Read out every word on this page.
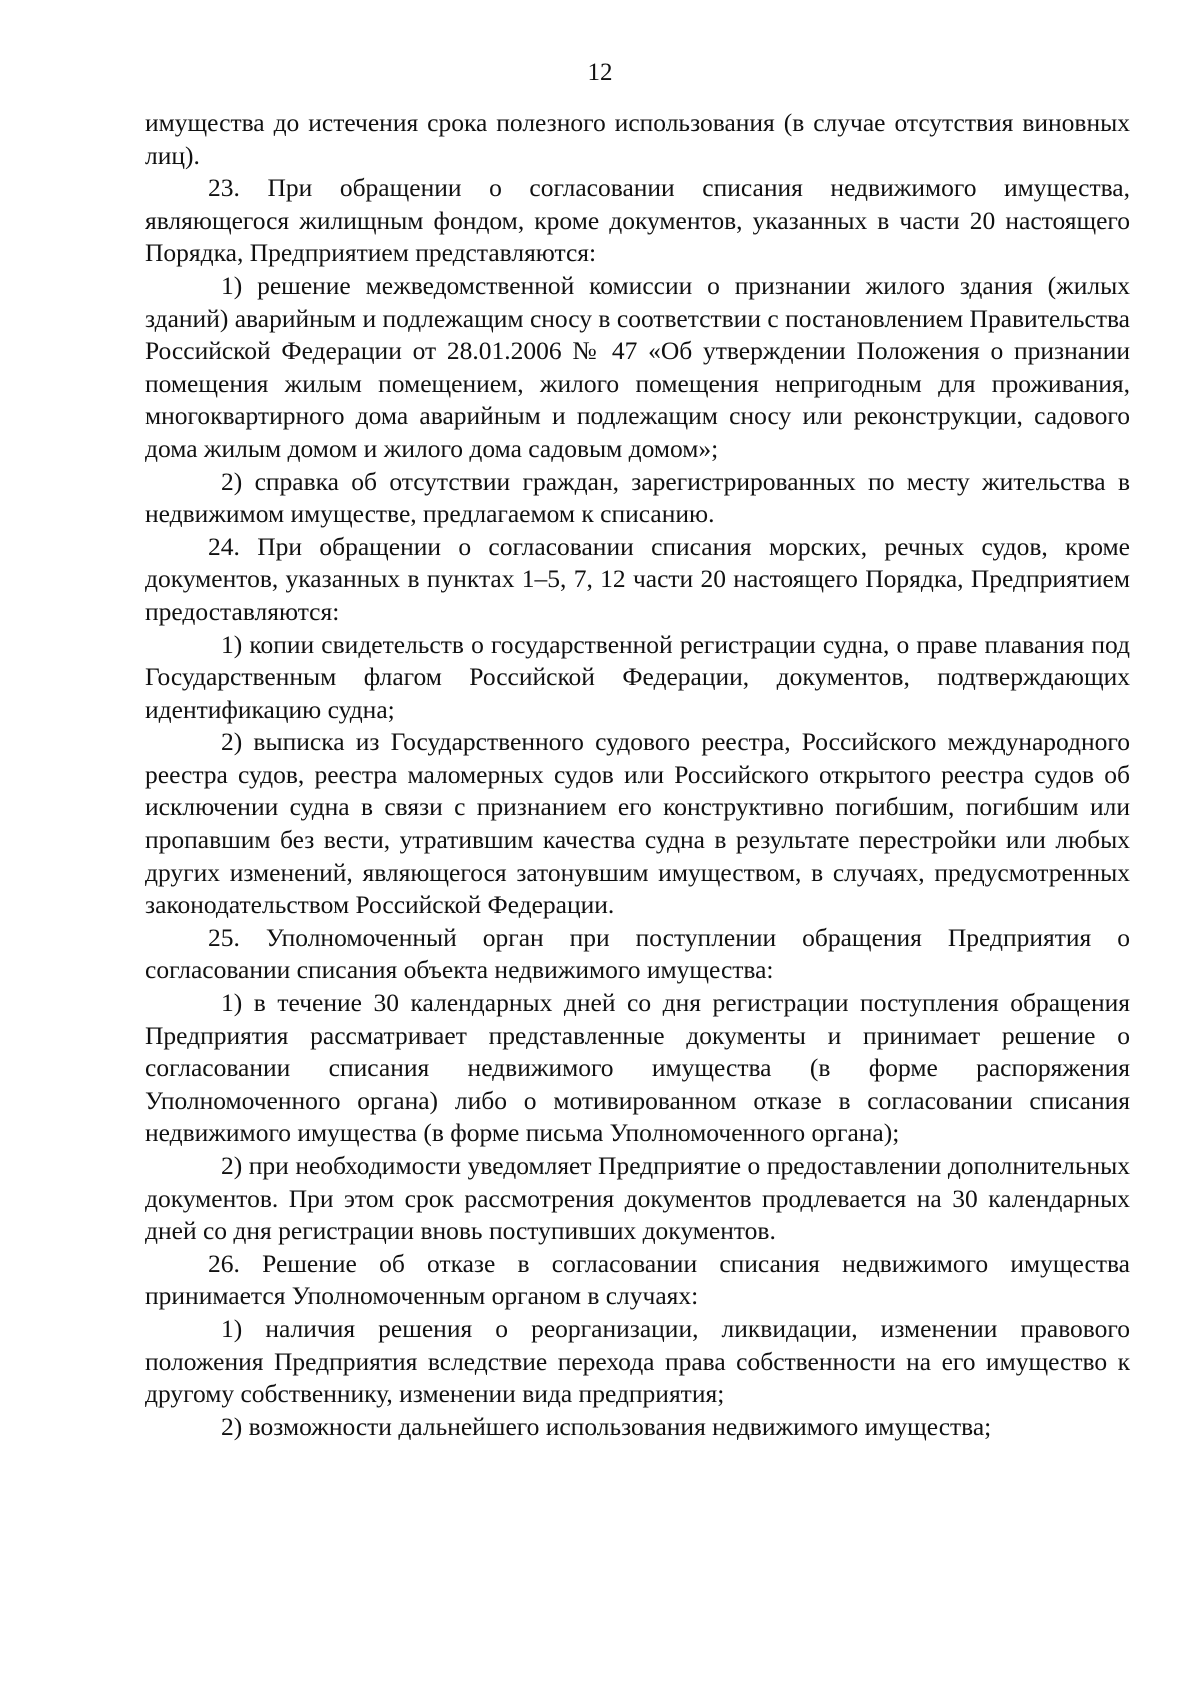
12

имущества до истечения срока полезного использования (в случае отсутствия виновных лиц).

23. При обращении о согласовании списания недвижимого имущества, являющегося жилищным фондом, кроме документов, указанных в части 20 настоящего Порядка, Предприятием представляются:

1) решение межведомственной комиссии о признании жилого здания (жилых зданий) аварийным и подлежащим сносу в соответствии с постановлением Правительства Российской Федерации от 28.01.2006 № 47 «Об утверждении Положения о признании помещения жилым помещением, жилого помещения непригодным для проживания, многоквартирного дома аварийным и подлежащим сносу или реконструкции, садового дома жилым домом и жилого дома садовым домом»;

2) справка об отсутствии граждан, зарегистрированных по месту жительства в недвижимом имуществе, предлагаемом к списанию.

24. При обращении о согласовании списания морских, речных судов, кроме документов, указанных в пунктах 1–5, 7, 12 части 20 настоящего Порядка, Предприятием предоставляются:

1) копии свидетельств о государственной регистрации судна, о праве плавания под Государственным флагом Российской Федерации, документов, подтверждающих идентификацию судна;

2) выписка из Государственного судового реестра, Российского международного реестра судов, реестра маломерных судов или Российского открытого реестра судов об исключении судна в связи с признанием его конструктивно погибшим, погибшим или пропавшим без вести, утратившим качества судна в результате перестройки или любых других изменений, являющегося затонувшим имуществом, в случаях, предусмотренных законодательством Российской Федерации.

25. Уполномоченный орган при поступлении обращения Предприятия о согласовании списания объекта недвижимого имущества:

1) в течение 30 календарных дней со дня регистрации поступления обращения Предприятия рассматривает представленные документы и принимает решение о согласовании списания недвижимого имущества (в форме распоряжения Уполномоченного органа) либо о мотивированном отказе в согласовании списания недвижимого имущества (в форме письма Уполномоченного органа);

2) при необходимости уведомляет Предприятие о предоставлении дополнительных документов. При этом срок рассмотрения документов продлевается на 30 календарных дней со дня регистрации вновь поступивших документов.

26. Решение об отказе в согласовании списания недвижимого имущества принимается Уполномоченным органом в случаях:

1) наличия решения о реорганизации, ликвидации, изменении правового положения Предприятия вследствие перехода права собственности на его имущество к другому собственнику, изменении вида предприятия;

2) возможности дальнейшего использования недвижимого имущества;
